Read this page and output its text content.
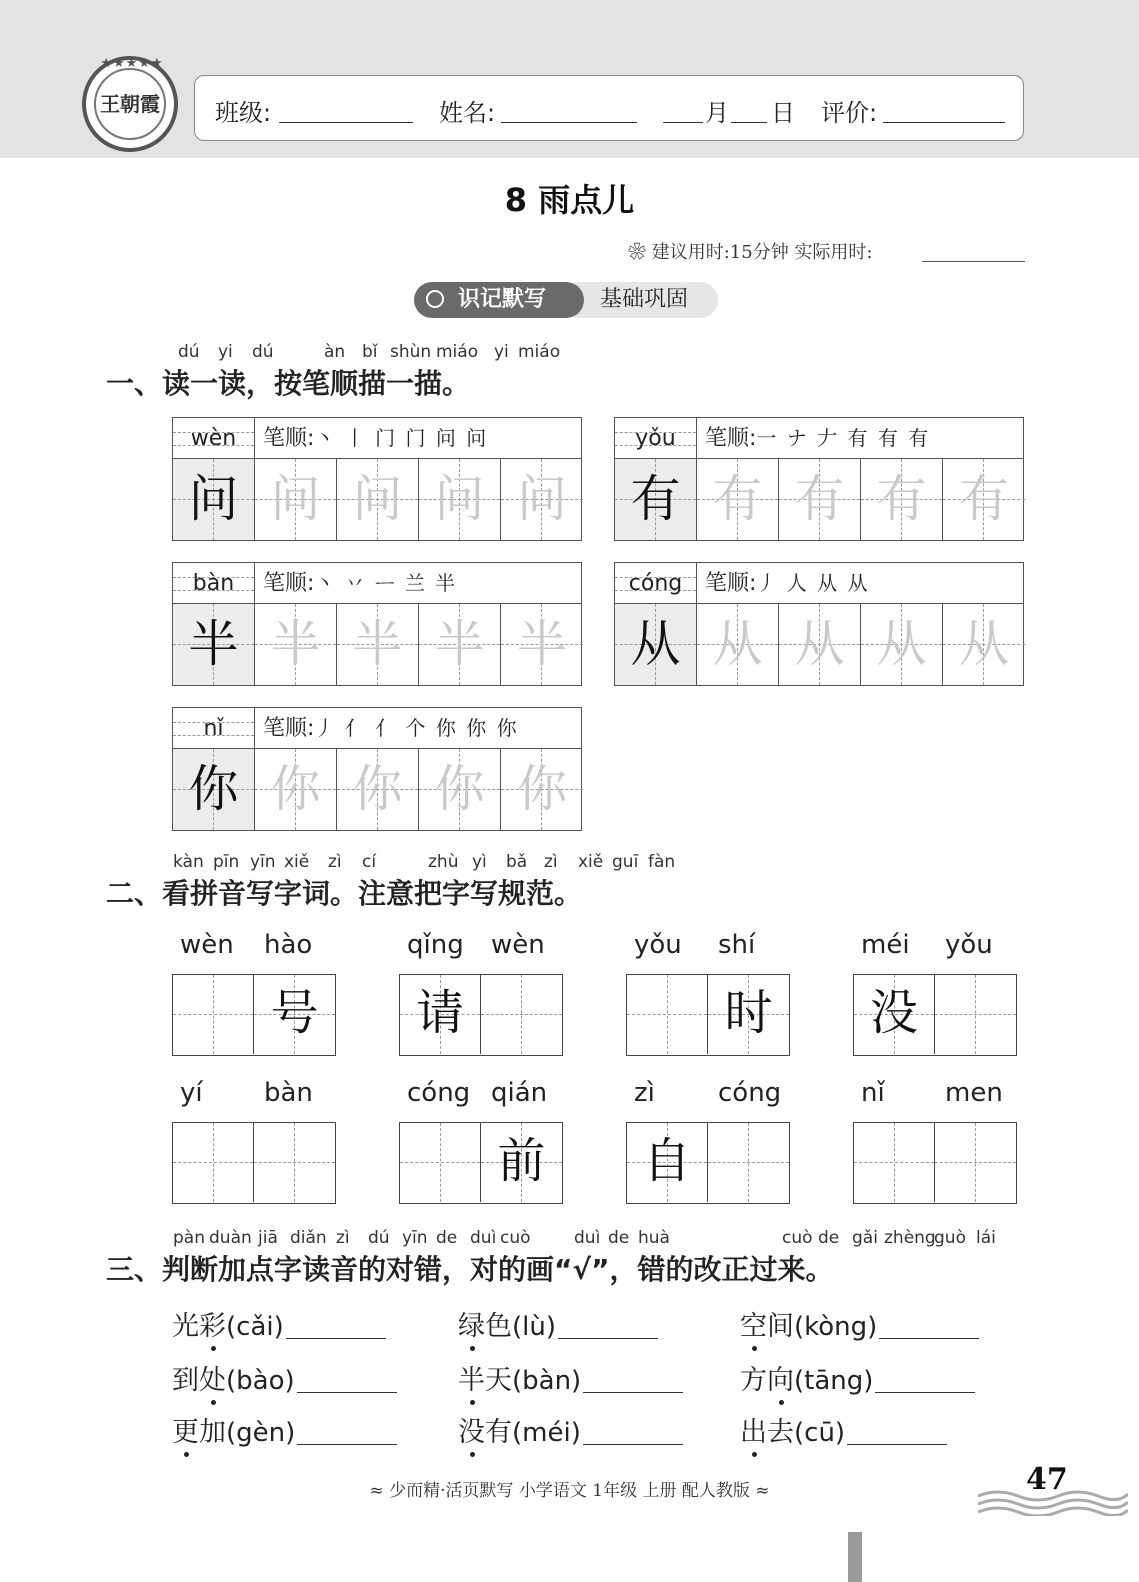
王朝霞
★★★★★
班级:	姓名:	月 日 评价:
8 雨点儿
❀ 建议用时:15分钟 实际用时:
基础巩固
识记默写
dú yi dú	àn bǐ shùn miáo yi miáo
一、读一读，按笔顺描一描。
wèn	笔顺:丶 丨 门 门 问 问
问 问 问 问 问
yǒu	笔顺:一 ナ 𠂇 有 有 有
有 有 有 有 有
bàn	笔顺:丶 丷 ᅳ 兰 半
半 半 半 半 半
cóng	笔顺:丿 人 从 从
从 从 从 从 从
nǐ	笔顺:丿 亻 亻 个 你 你 你
你 你 你 你 你
kàn pīn yīn xiě zì cí	zhù yì bǎ zì xiě guī fàn
二、看拼音写字词。注意把字写规范。
wèn hào
号
qǐng wèn
请
yǒu shí
时
méi yǒu
没
yí bàn	cóng qián
前
zì cóng
自
nǐ men
pàn duàn jiā diǎn zì dú yīn de duì cuò	duì de huà	cuò de gǎi zhèng
guò lái
三、判断加点字读音的对错，对的画“√”，错的改正过来。
光彩(cǎi)	绿色(lù)	空间(kòng)
到处(bào)	半天(bàn)	方向(tāng)
更加(gèn)	没有(méi)	出去(cū)
≈ 少而精·活页默写 小学语文 1年级 上册 配人教版 ≈	47
